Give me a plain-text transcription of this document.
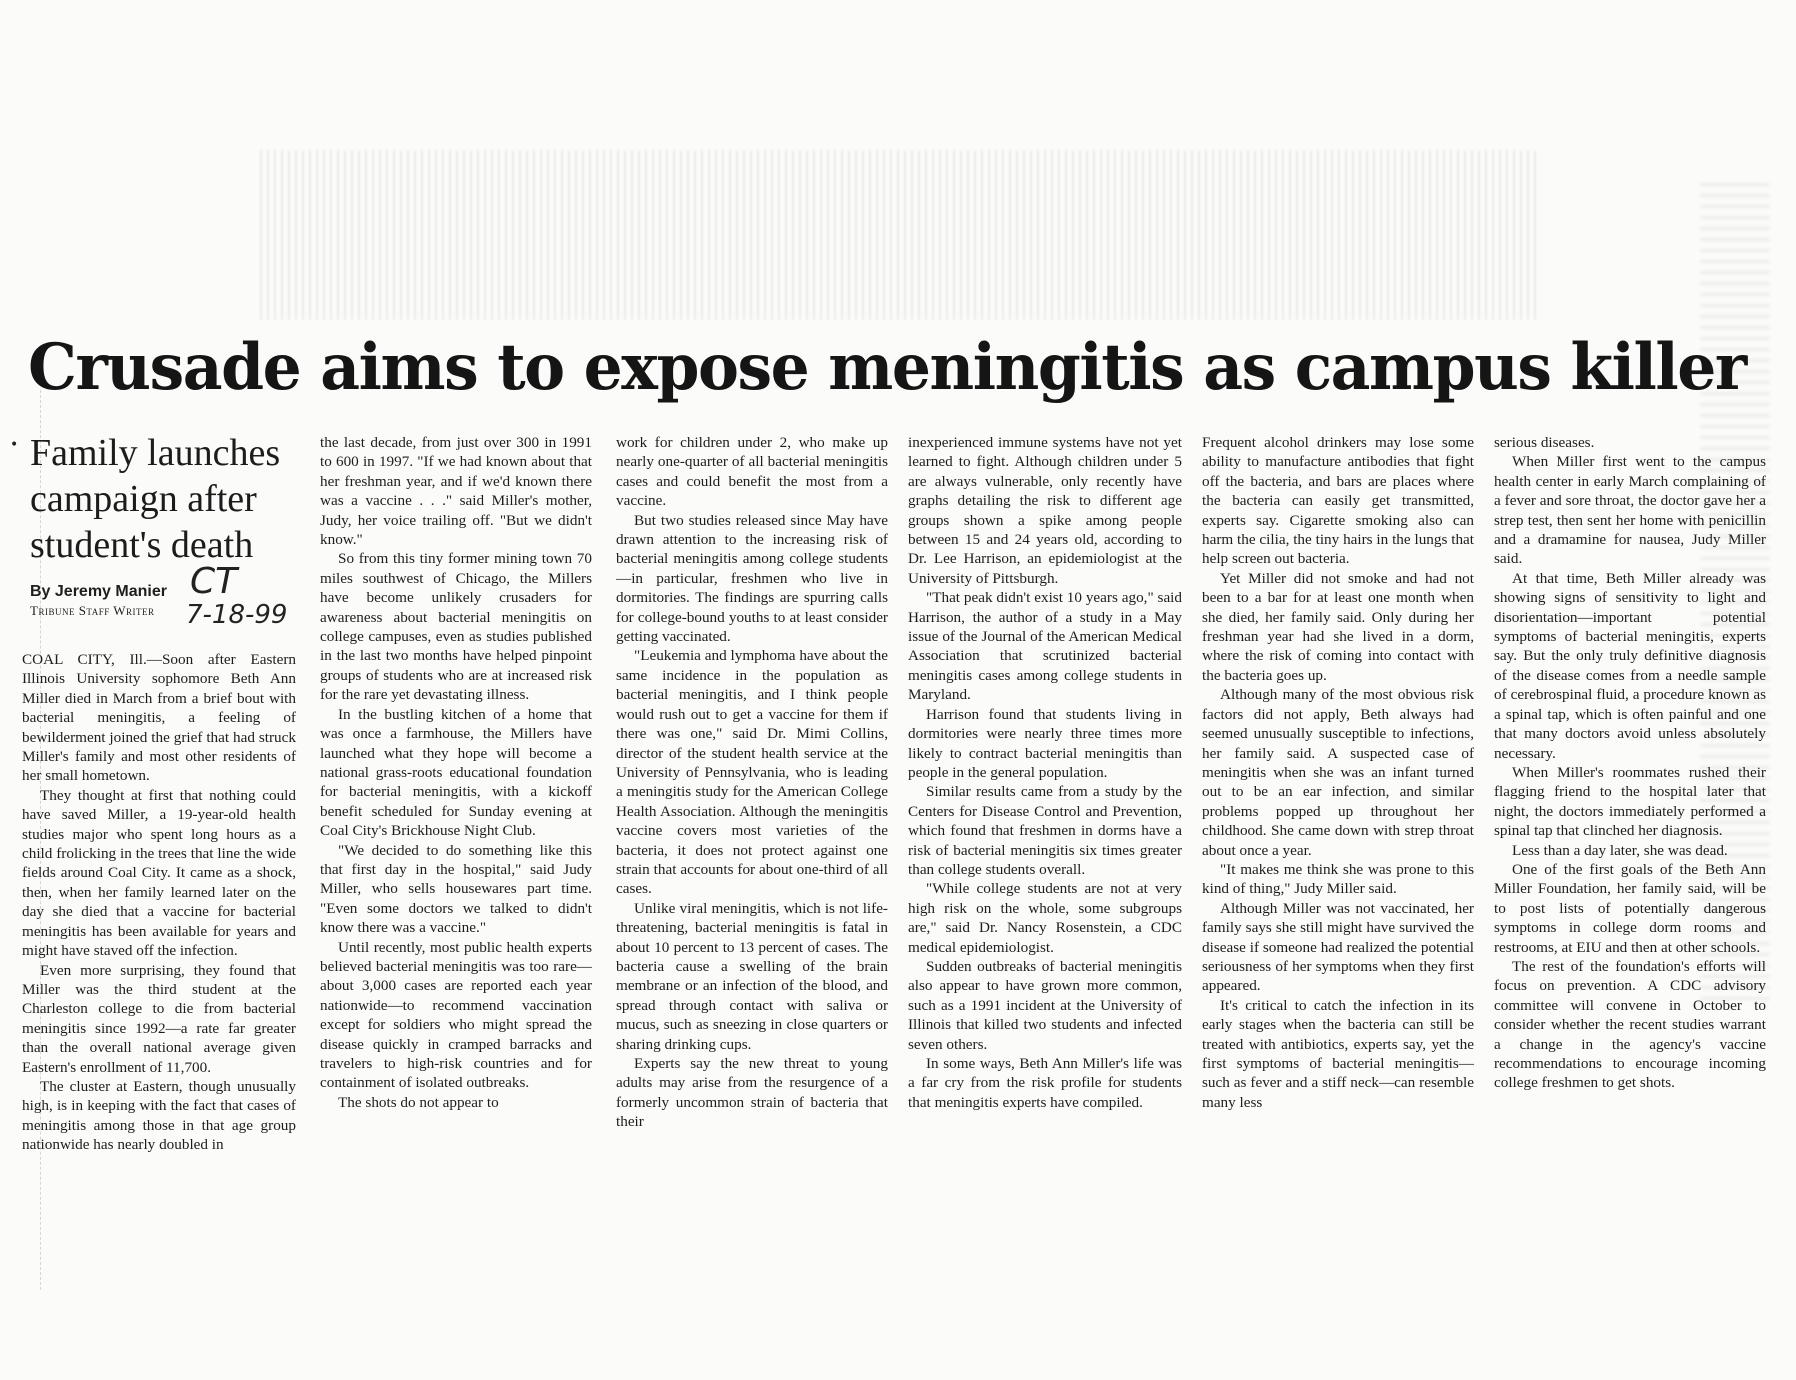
Crusade aims to expose meningitis as campus killer
• Family launches campaign after student's death
By Jeremy Manier
Tribune Staff Writer
CT
7-18-99

COAL CITY, Ill.—Soon after Eastern Illinois University sophomore Beth Ann Miller died in March from a brief bout with bacterial meningitis, a feeling of bewilderment joined the grief that had struck Miller's family and most other residents of her small hometown.

They thought at first that nothing could have saved Miller, a 19-year-old health studies major who spent long hours as a child frolicking in the trees that line the wide fields around Coal City. It came as a shock, then, when her family learned later on the day she died that a vaccine for bacterial meningitis has been available for years and might have staved off the infection.

Even more surprising, they found that Miller was the third student at the Charleston college to die from bacterial meningitis since 1992—a rate far greater than the overall national average given Eastern's enrollment of 11,700.

The cluster at Eastern, though unusually high, is in keeping with the fact that cases of meningitis among those in that age group nationwide has nearly doubled in

the last decade, from just over 300 in 1991 to 600 in 1997. "If we had known about that her freshman year, and if we'd known there was a vaccine . . ." said Miller's mother, Judy, her voice trailing off. "But we didn't know."

So from this tiny former mining town 70 miles southwest of Chicago, the Millers have become unlikely crusaders for awareness about bacterial meningitis on college campuses, even as studies published in the last two months have helped pinpoint groups of students who are at increased risk for the rare yet devastating illness.

In the bustling kitchen of a home that was once a farmhouse, the Millers have launched what they hope will become a national grass-roots educational foundation for bacterial meningitis, with a kickoff benefit scheduled for Sunday evening at Coal City's Brickhouse Night Club.

"We decided to do something like this that first day in the hospital," said Judy Miller, who sells housewares part time. "Even some doctors we talked to didn't know there was a vaccine."

Until recently, most public health experts believed bacterial meningitis was too rare—about 3,000 cases are reported each year nationwide—to recommend vaccination except for soldiers who might spread the disease quickly in cramped barracks and travelers to high-risk countries and for containment of isolated outbreaks.

The shots do not appear to

work for children under 2, who make up nearly one-quarter of all bacterial meningitis cases and could benefit the most from a vaccine.

But two studies released since May have drawn attention to the increasing risk of bacterial meningitis among college students—in particular, freshmen who live in dormitories. The findings are spurring calls for college-bound youths to at least consider getting vaccinated.

"Leukemia and lymphoma have about the same incidence in the population as bacterial meningitis, and I think people would rush out to get a vaccine for them if there was one," said Dr. Mimi Collins, director of the student health service at the University of Pennsylvania, who is leading a meningitis study for the American College Health Association. Although the meningitis vaccine covers most varieties of the bacteria, it does not protect against one strain that accounts for about one-third of all cases.

Unlike viral meningitis, which is not life-threatening, bacterial meningitis is fatal in about 10 percent to 13 percent of cases. The bacteria cause a swelling of the brain membrane or an infection of the blood, and spread through contact with saliva or mucus, such as sneezing in close quarters or sharing drinking cups.

Experts say the new threat to young adults may arise from the resurgence of a formerly uncommon strain of bacteria that their

inexperienced immune systems have not yet learned to fight. Although children under 5 are always vulnerable, only recently have graphs detailing the risk to different age groups shown a spike among people between 15 and 24 years old, according to Dr. Lee Harrison, an epidemiologist at the University of Pittsburgh.

"That peak didn't exist 10 years ago," said Harrison, the author of a study in a May issue of the Journal of the American Medical Association that scrutinized bacterial meningitis cases among college students in Maryland.

Harrison found that students living in dormitories were nearly three times more likely to contract bacterial meningitis than people in the general population.

Similar results came from a study by the Centers for Disease Control and Prevention, which found that freshmen in dorms have a risk of bacterial meningitis six times greater than college students overall.

"While college students are not at very high risk on the whole, some subgroups are," said Dr. Nancy Rosenstein, a CDC medical epidemiologist.

Sudden outbreaks of bacterial meningitis also appear to have grown more common, such as a 1991 incident at the University of Illinois that killed two students and infected seven others.

In some ways, Beth Ann Miller's life was a far cry from the risk profile for students that meningitis experts have compiled.

Frequent alcohol drinkers may lose some ability to manufacture antibodies that fight off the bacteria, and bars are places where the bacteria can easily get transmitted, experts say. Cigarette smoking also can harm the cilia, the tiny hairs in the lungs that help screen out bacteria.

Yet Miller did not smoke and had not been to a bar for at least one month when she died, her family said. Only during her freshman year had she lived in a dorm, where the risk of coming into contact with the bacteria goes up.

Although many of the most obvious risk factors did not apply, Beth always had seemed unusually susceptible to infections, her family said. A suspected case of meningitis when she was an infant turned out to be an ear infection, and similar problems popped up throughout her childhood. She came down with strep throat about once a year.

"It makes me think she was prone to this kind of thing," Judy Miller said.

Although Miller was not vaccinated, her family says she still might have survived the disease if someone had realized the potential seriousness of her symptoms when they first appeared.

It's critical to catch the infection in its early stages when the bacteria can still be treated with antibiotics, experts say, yet the first symptoms of bacterial meningitis—such as fever and a stiff neck—can resemble many less

serious diseases.

When Miller first went to the campus health center in early March complaining of a fever and sore throat, the doctor gave her a strep test, then sent her home with penicillin and a dramamine for nausea, Judy Miller said.

At that time, Beth Miller already was showing signs of sensitivity to light and disorientation—important potential symptoms of bacterial meningitis, experts say. But the only truly definitive diagnosis of the disease comes from a needle sample of cerebrospinal fluid, a procedure known as a spinal tap, which is often painful and one that many doctors avoid unless absolutely necessary.

When Miller's roommates rushed their flagging friend to the hospital later that night, the doctors immediately performed a spinal tap that clinched her diagnosis.

Less than a day later, she was dead.

One of the first goals of the Beth Ann Miller Foundation, her family said, will be to post lists of potentially dangerous symptoms in college dorm rooms and restrooms, at EIU and then at other schools.

The rest of the foundation's efforts will focus on prevention. A CDC advisory committee will convene in October to consider whether the recent studies warrant a change in the agency's vaccine recommendations to encourage incoming college freshmen to get shots.
